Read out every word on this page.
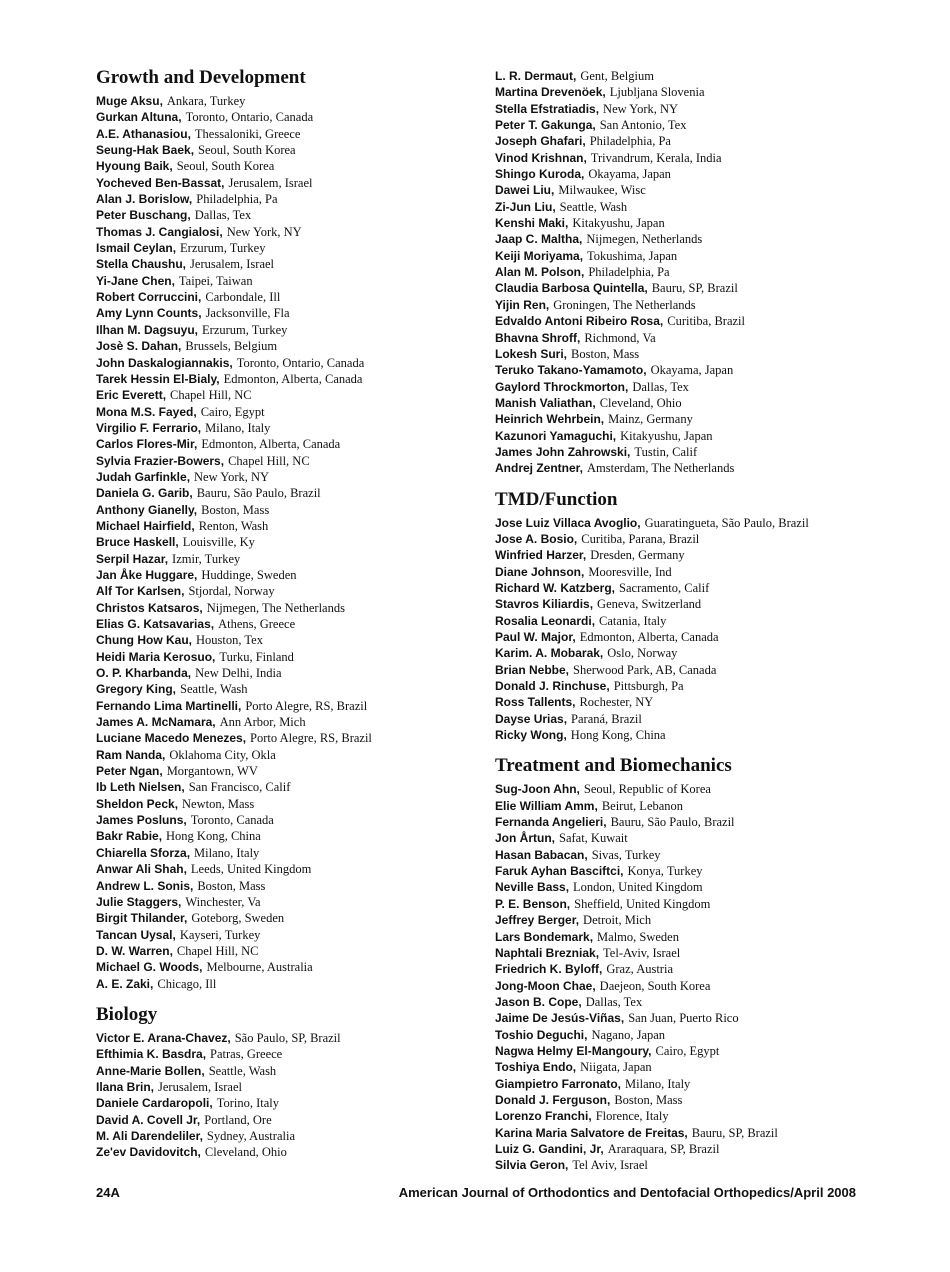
Growth and Development
Muge Aksu, Ankara, Turkey
Gurkan Altuna, Toronto, Ontario, Canada
A.E. Athanasiou, Thessaloniki, Greece
Seung-Hak Baek, Seoul, South Korea
Hyoung Baik, Seoul, South Korea
Yocheved Ben-Bassat, Jerusalem, Israel
Alan J. Borislow, Philadelphia, Pa
Peter Buschang, Dallas, Tex
Thomas J. Cangialosi, New York, NY
Ismail Ceylan, Erzurum, Turkey
Stella Chaushu, Jerusalem, Israel
Yi-Jane Chen, Taipei, Taiwan
Robert Corruccini, Carbondale, Ill
Amy Lynn Counts, Jacksonville, Fla
Ilhan M. Dagsuyu, Erzurum, Turkey
Josè S. Dahan, Brussels, Belgium
John Daskalogiannakis, Toronto, Ontario, Canada
Tarek Hessin El-Bialy, Edmonton, Alberta, Canada
Eric Everett, Chapel Hill, NC
Mona M.S. Fayed, Cairo, Egypt
Virgilio F. Ferrario, Milano, Italy
Carlos Flores-Mir, Edmonton, Alberta, Canada
Sylvia Frazier-Bowers, Chapel Hill, NC
Judah Garfinkle, New York, NY
Daniela G. Garib, Bauru, São Paulo, Brazil
Anthony Gianelly, Boston, Mass
Michael Hairfield, Renton, Wash
Bruce Haskell, Louisville, Ky
Serpil Hazar, Izmir, Turkey
Jan Åke Huggare, Huddinge, Sweden
Alf Tor Karlsen, Stjordal, Norway
Christos Katsaros, Nijmegen, The Netherlands
Elias G. Katsavarias, Athens, Greece
Chung How Kau, Houston, Tex
Heidi Maria Kerosuo, Turku, Finland
O. P. Kharbanda, New Delhi, India
Gregory King, Seattle, Wash
Fernando Lima Martinelli, Porto Alegre, RS, Brazil
James A. McNamara, Ann Arbor, Mich
Luciane Macedo Menezes, Porto Alegre, RS, Brazil
Ram Nanda, Oklahoma City, Okla
Peter Ngan, Morgantown, WV
Ib Leth Nielsen, San Francisco, Calif
Sheldon Peck, Newton, Mass
James Posluns, Toronto, Canada
Bakr Rabie, Hong Kong, China
Chiarella Sforza, Milano, Italy
Anwar Ali Shah, Leeds, United Kingdom
Andrew L. Sonis, Boston, Mass
Julie Staggers, Winchester, Va
Birgit Thilander, Goteborg, Sweden
Tancan Uysal, Kayseri, Turkey
D. W. Warren, Chapel Hill, NC
Michael G. Woods, Melbourne, Australia
A. E. Zaki, Chicago, Ill
Biology
Victor E. Arana-Chavez, São Paulo, SP, Brazil
Efthimia K. Basdra, Patras, Greece
Anne-Marie Bollen, Seattle, Wash
Ilana Brin, Jerusalem, Israel
Daniele Cardaropoli, Torino, Italy
David A. Covell Jr, Portland, Ore
M. Ali Darendeliler, Sydney, Australia
Ze'ev Davidovitch, Cleveland, Ohio
L. R. Dermaut, Gent, Belgium
Martina Drevenöek, Ljubljana Slovenia
Stella Efstratiadis, New York, NY
Peter T. Gakunga, San Antonio, Tex
Joseph Ghafari, Philadelphia, Pa
Vinod Krishnan, Trivandrum, Kerala, India
Shingo Kuroda, Okayama, Japan
Dawei Liu, Milwaukee, Wisc
Zi-Jun Liu, Seattle, Wash
Kenshi Maki, Kitakyushu, Japan
Jaap C. Maltha, Nijmegen, Netherlands
Keiji Moriyama, Tokushima, Japan
Alan M. Polson, Philadelphia, Pa
Claudia Barbosa Quintella, Bauru, SP, Brazil
Yijin Ren, Groningen, The Netherlands
Edvaldo Antoni Ribeiro Rosa, Curitiba, Brazil
Bhavna Shroff, Richmond, Va
Lokesh Suri, Boston, Mass
Teruko Takano-Yamamoto, Okayama, Japan
Gaylord Throckmorton, Dallas, Tex
Manish Valiathan, Cleveland, Ohio
Heinrich Wehrbein, Mainz, Germany
Kazunori Yamaguchi, Kitakyushu, Japan
James John Zahrowski, Tustin, Calif
Andrej Zentner, Amsterdam, The Netherlands
TMD/Function
Jose Luiz Villaca Avoglio, Guaratingueta, São Paulo, Brazil
Jose A. Bosio, Curitiba, Parana, Brazil
Winfried Harzer, Dresden, Germany
Diane Johnson, Mooresville, Ind
Richard W. Katzberg, Sacramento, Calif
Stavros Kiliardis, Geneva, Switzerland
Rosalia Leonardi, Catania, Italy
Paul W. Major, Edmonton, Alberta, Canada
Karim. A. Mobarak, Oslo, Norway
Brian Nebbe, Sherwood Park, AB, Canada
Donald J. Rinchuse, Pittsburgh, Pa
Ross Tallents, Rochester, NY
Dayse Urias, Paraná, Brazil
Ricky Wong, Hong Kong, China
Treatment and Biomechanics
Sug-Joon Ahn, Seoul, Republic of Korea
Elie William Amm, Beirut, Lebanon
Fernanda Angelieri, Bauru, São Paulo, Brazil
Jon Årtun, Safat, Kuwait
Hasan Babacan, Sivas, Turkey
Faruk Ayhan Basciftci, Konya, Turkey
Neville Bass, London, United Kingdom
P. E. Benson, Sheffield, United Kingdom
Jeffrey Berger, Detroit, Mich
Lars Bondemark, Malmo, Sweden
Naphtali Brezniak, Tel-Aviv, Israel
Friedrich K. Byloff, Graz, Austria
Jong-Moon Chae, Daejeon, South Korea
Jason B. Cope, Dallas, Tex
Jaime De Jesús-Viñas, San Juan, Puerto Rico
Toshio Deguchi, Nagano, Japan
Nagwa Helmy El-Mangoury, Cairo, Egypt
Toshiya Endo, Niigata, Japan
Giampietro Farronato, Milano, Italy
Donald J. Ferguson, Boston, Mass
Lorenzo Franchi, Florence, Italy
Karina Maria Salvatore de Freitas, Bauru, SP, Brazil
Luiz G. Gandini, Jr, Araraquara, SP, Brazil
Silvia Geron, Tel Aviv, Israel
24A	American Journal of Orthodontics and Dentofacial Orthopedics/April 2008
